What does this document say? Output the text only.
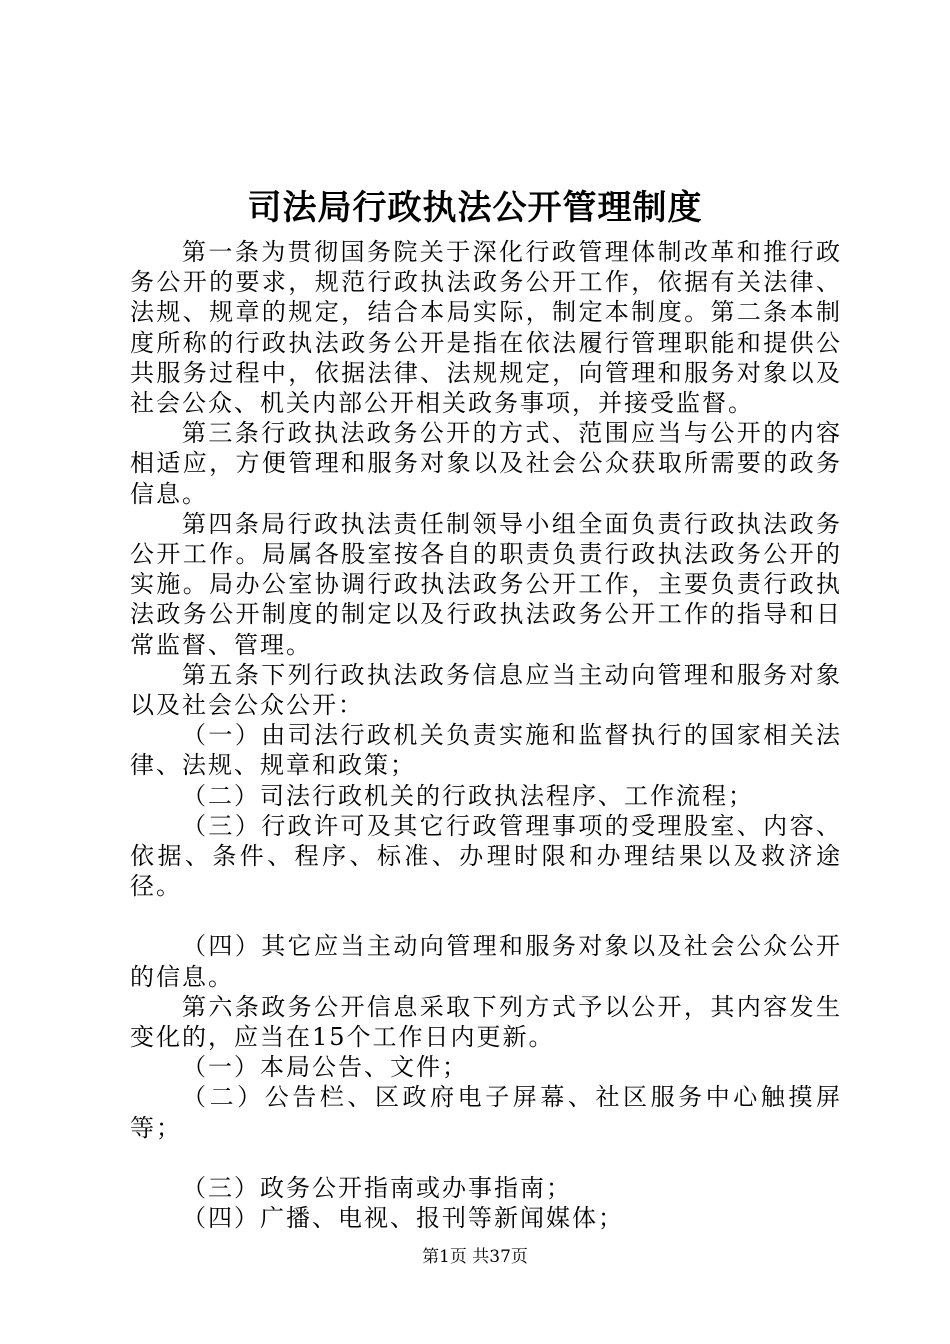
司法局行政执法公开管理制度

第一条为贯彻国务院关于深化行政管理体制改革和推行政务公开的要求，规范行政执法政务公开工作，依据有关法律、法规、规章的规定，结合本局实际，制定本制度。第二条本制度所称的行政执法政务公开是指在依法履行管理职能和提供公共服务过程中，依据法律、法规规定，向管理和服务对象以及社会公众、机关内部公开相关政务事项，并接受监督。

第三条行政执法政务公开的方式、范围应当与公开的内容相适应，方便管理和服务对象以及社会公众获取所需要的政务信息。

第四条局行政执法责任制领导小组全面负责行政执法政务公开工作。局属各股室按各自的职责负责行政执法政务公开的实施。局办公室协调行政执法政务公开工作，主要负责行政执法政务公开制度的制定以及行政执法政务公开工作的指导和日常监督、管理。

第五条下列行政执法政务信息应当主动向管理和服务对象以及社会公众公开：

（一）由司法行政机关负责实施和监督执行的国家相关法律、法规、规章和政策；

（二）司法行政机关的行政执法程序、工作流程；

（三）行政许可及其它行政管理事项的受理股室、内容、依据、条件、程序、标准、办理时限和办理结果以及救济途径。

（四）其它应当主动向管理和服务对象以及社会公众公开的信息。

第六条政务公开信息采取下列方式予以公开，其内容发生变化的，应当在15个工作日内更新。

（一）本局公告、文件；

（二）公告栏、区政府电子屏幕、社区服务中心触摸屏等；

（三）政务公开指南或办事指南；

（四）广播、电视、报刊等新闻媒体；

第1页 共37页
